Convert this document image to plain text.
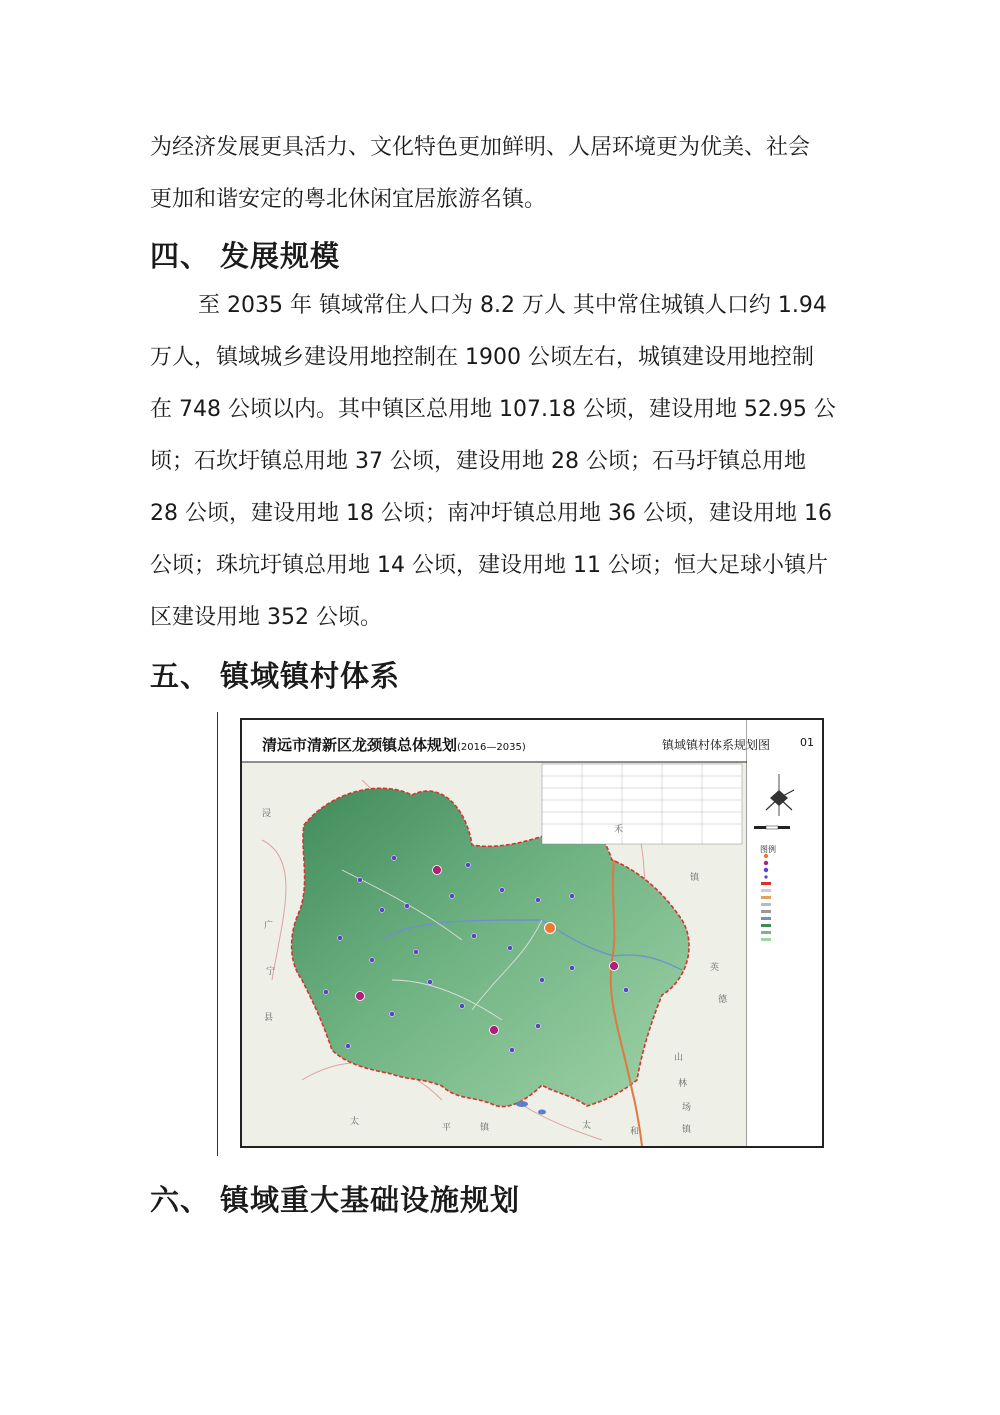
为经济发展更具活力、文化特色更加鲜明、人居环境更为优美、社会

更加和谐安定的粤北休闲宜居旅游名镇。

四、 发展规模

至 2035 年 镇域常住人口为 8.2 万人 其中常住城镇人口约 1.94

万人，镇域城乡建设用地控制在 1900 公顷左右，城镇建设用地控制

在 748 公顷以内。其中镇区总用地 107.18 公顷，建设用地 52.95 公

顷；石坎圩镇总用地 37 公顷，建设用地 28 公顷；石马圩镇总用地

28 公顷，建设用地 18 公顷；南冲圩镇总用地 36 公顷，建设用地 16

公顷；珠坑圩镇总用地 14 公顷，建设用地 11 公顷；恒大足球小镇片

区建设用地 352 公顷。

五、 镇域镇村体系
清远市清新区龙颈镇总体规划(2016—2035)	镇域镇村体系规划图	01
图例
浸
广
宁
县
禾
镇
英
德
山
林
场
太
平	镇	太
和	镇
六、 镇域重大基础设施规划
